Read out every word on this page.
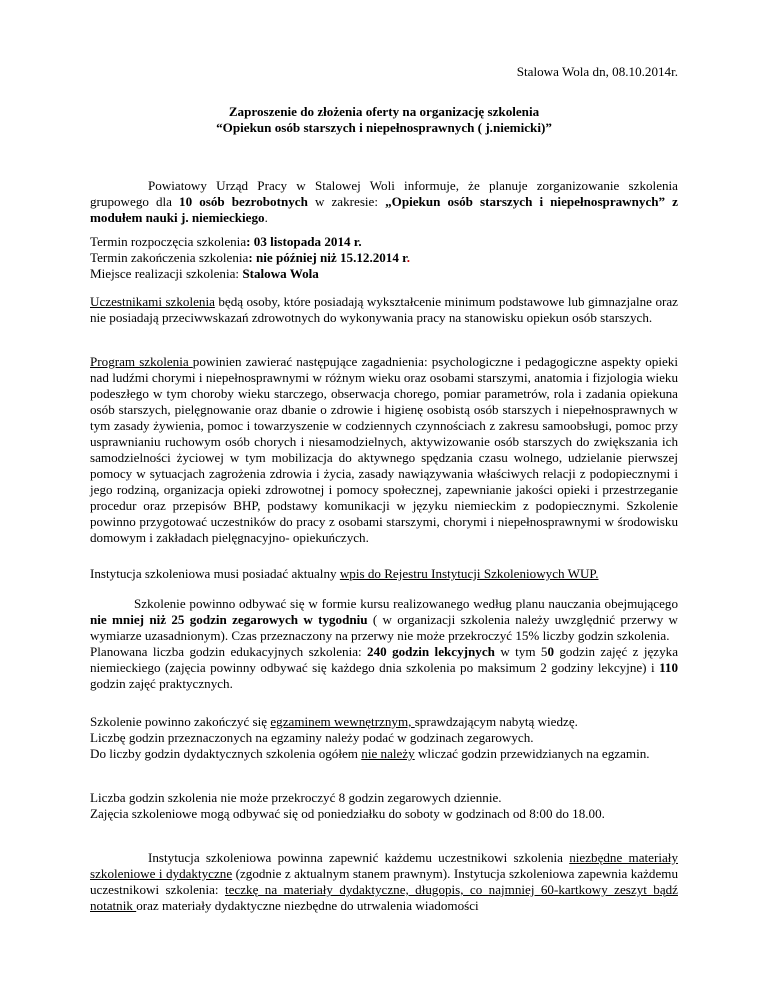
Stalowa Wola dn, 08.10.2014r.
Zaproszenie do złożenia oferty na organizację szkolenia
“Opiekun osób starszych i niepełnosprawnych ( j.niemicki)”

Powiatowy Urząd Pracy w Stalowej Woli informuje, że planuje zorganizowanie szkolenia grupowego dla 10 osób bezrobotnych w zakresie: „Opiekun osób starszych i niepełnosprawnych” z modułem nauki j. niemieckiego.

Termin rozpoczęcia szkolenia: 03 listopada 2014 r.

Termin zakończenia szkolenia: nie później niż 15.12.2014 r.

Miejsce realizacji szkolenia: Stalowa Wola

Uczestnikami szkolenia będą osoby, które posiadają wykształcenie minimum podstawowe lub gimnazjalne oraz nie posiadają przeciwwskazań zdrowotnych do wykonywania pracy na stanowisku opiekun osób starszych.

Program szkolenia powinien zawierać następujące zagadnienia: psychologiczne i pedagogiczne aspekty opieki nad ludźmi chorymi i niepełnosprawnymi w różnym wieku oraz osobami starszymi, anatomia i fizjologia wieku podeszłego w tym choroby wieku starczego, obserwacja chorego, pomiar parametrów, rola i zadania opiekuna osób starszych, pielęgnowanie oraz dbanie o zdrowie i higienę osobistą osób starszych i niepełnosprawnych w tym zasady żywienia, pomoc i towarzyszenie w codziennych czynnościach z zakresu samoobsługi, pomoc przy usprawnianiu ruchowym osób chorych i niesamodzielnych, aktywizowanie osób starszych do zwiększania ich samodzielności życiowej w tym mobilizacja do aktywnego spędzania czasu wolnego, udzielanie pierwszej pomocy w sytuacjach zagrożenia zdrowia i życia, zasady nawiązywania właściwych relacji z podopiecznymi i jego rodziną, organizacja opieki zdrowotnej i pomocy społecznej, zapewnianie jakości opieki i przestrzeganie procedur oraz przepisów BHP, podstawy komunikacji w języku niemieckim z podopiecznymi. Szkolenie powinno przygotować uczestników do pracy z osobami starszymi, chorymi i niepełnosprawnymi w środowisku domowym i zakładach pielęgnacyjno- opiekuńczych.

Instytucja szkoleniowa musi posiadać aktualny wpis do Rejestru Instytucji Szkoleniowych WUP.

Szkolenie powinno odbywać się w formie kursu realizowanego według planu nauczania obejmującego nie mniej niż 25 godzin zegarowych w tygodniu ( w organizacji szkolenia należy uwzględnić przerwy w wymiarze uzasadnionym). Czas przeznaczony na przerwy nie może przekroczyć 15% liczby godzin szkolenia.

Planowana liczba godzin edukacyjnych szkolenia: 240 godzin lekcyjnych w tym 50 godzin zajęć z języka niemieckiego (zajęcia powinny odbywać się każdego dnia szkolenia po maksimum 2 godziny lekcyjne) i 110 godzin zajęć praktycznych.

Szkolenie powinno zakończyć się egzaminem wewnętrznym, sprawdzającym nabytą wiedzę.

Liczbę godzin przeznaczonych na egzaminy należy podać w godzinach zegarowych.

Do liczby godzin dydaktycznych szkolenia ogółem nie należy wliczać godzin przewidzianych na egzamin.

Liczba godzin szkolenia nie może przekroczyć 8 godzin zegarowych dziennie.

Zajęcia szkoleniowe mogą odbywać się od poniedziałku do soboty w godzinach od 8:00 do 18.00.

Instytucja szkoleniowa powinna zapewnić każdemu uczestnikowi szkolenia niezbędne materiały szkoleniowe i dydaktyczne (zgodnie z aktualnym stanem prawnym). Instytucja szkoleniowa zapewnia każdemu uczestnikowi szkolenia: teczkę na materiały dydaktyczne, długopis, co najmniej 60-kartkowy zeszyt bądź notatnik oraz materiały dydaktyczne niezbędne do utrwalenia wiadomości
